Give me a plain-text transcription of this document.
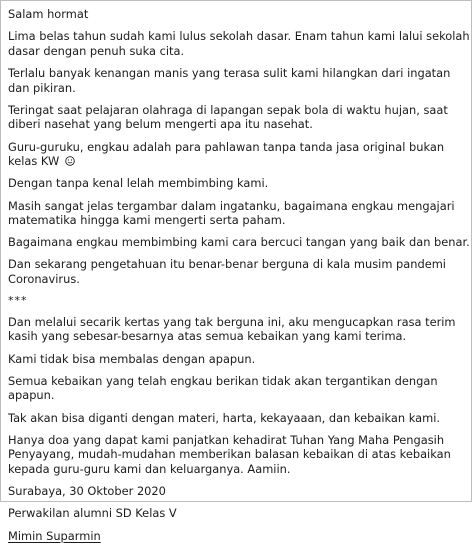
Salam hormat
Lima belas tahun sudah kami lulus sekolah dasar. Enam tahun kami lalui sekolah dasar dengan penuh suka cita.
Terlalu banyak kenangan manis yang terasa sulit kami hilangkan dari ingatan dan pikiran.
Teringat saat pelajaran olahraga di lapangan sepak bola di waktu hujan, saat diberi nasehat yang belum mengerti apa itu nasehat.
Guru-guruku, engkau adalah para pahlawan tanpa tanda jasa original bukan kelas KW
Dengan tanpa kenal lelah membimbing kami.
Masih sangat jelas tergambar dalam ingatanku, bagaimana engkau mengajari matematika hingga kami mengerti serta paham.
Bagaimana engkau membimbing kami cara bercuci tangan yang baik dan benar.
Dan sekarang pengetahuan itu benar-benar berguna di kala musim pandemi Coronavirus.
***
Dan melalui secarik kertas yang tak berguna ini, aku mengucapkan rasa terim kasih yang sebesar-besarnya atas semua kebaikan yang kami terima.
Kami tidak bisa membalas dengan apapun.
Semua kebaikan yang telah engkau berikan tidak akan tergantikan dengan apapun.
Tak akan bisa diganti dengan materi, harta, kekayaaan, dan kebaikan kami.
Hanya doa yang dapat kami panjatkan kehadirat Tuhan Yang Maha Pengasih Penyayang, mudah-mudahan memberikan balasan kebaikan di atas kebaikan kepada guru-guru kami dan keluarganya. Aamiin.
Surabaya, 30 Oktober 2020
Perwakilan alumni SD Kelas V
Mimin Suparmin
